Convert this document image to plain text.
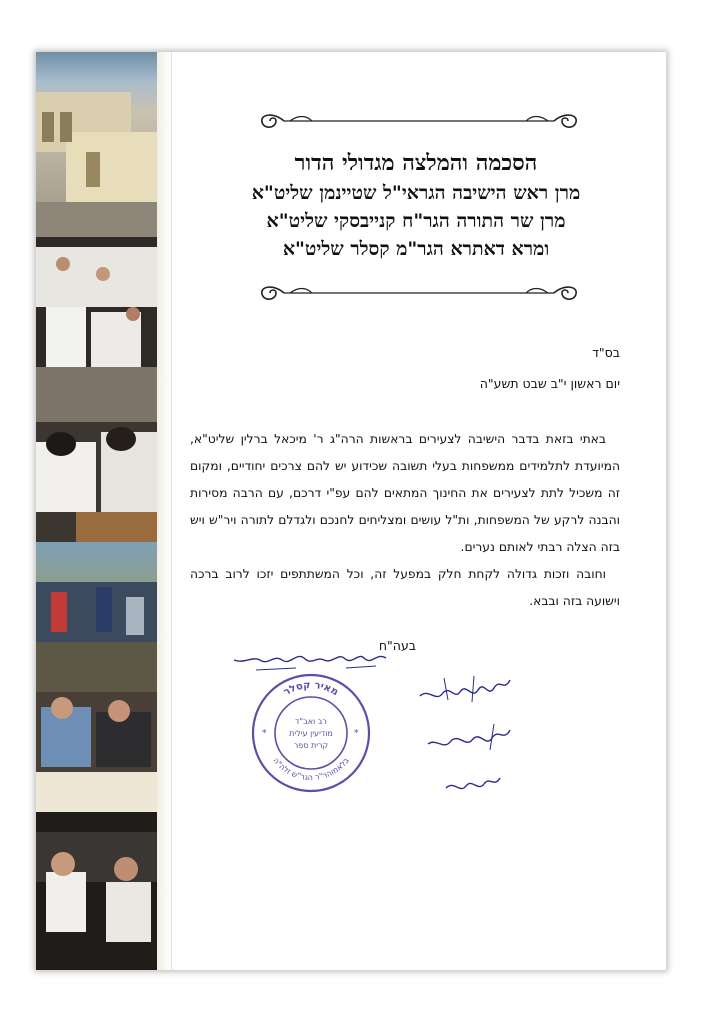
הסכמה והמלצה מגדולי הדור
מרן ראש הישיבה הגראי"ל שטיינמן שליט"א
מרן שר התורה הגר"ח קנייבסקי שליט"א
ומרא דאתרא הגר"מ קסלר שליט"א
בס"ד
יום ראשון י"ב שבט תשע"ה

באתי בזאת בדבר הישיבה לצעירים בראשות הרה"ג ר' מיכאל ברלין שליט"א, המיועדת לתלמידים ממשפחות בעלי תשובה שכידוע יש להם צרכים יחודיים, ומקום זה משכיל לתת לצעירים את החינוך המתאים להם עפ"י דרכם, עם הרבה מסירות והבנה לרקע של המשפחות, ות"ל עושים ומצליחים לחנכם ולגדלם לתורה ויר"ש ויש בזה הצלה רבתי לאותם נערים.

וחובה וזכות גדולה לקחת חלק במפעל זה, וכל המשתתפים יזכו לרוב ברכה וישועה בזה ובבא.

בעה"ח
מאיר קסלר
בלאמוהר"ר הגר"ש זלה"ה
רב ואב"ד
מודיעין עילית
קרית ספר
*	*
